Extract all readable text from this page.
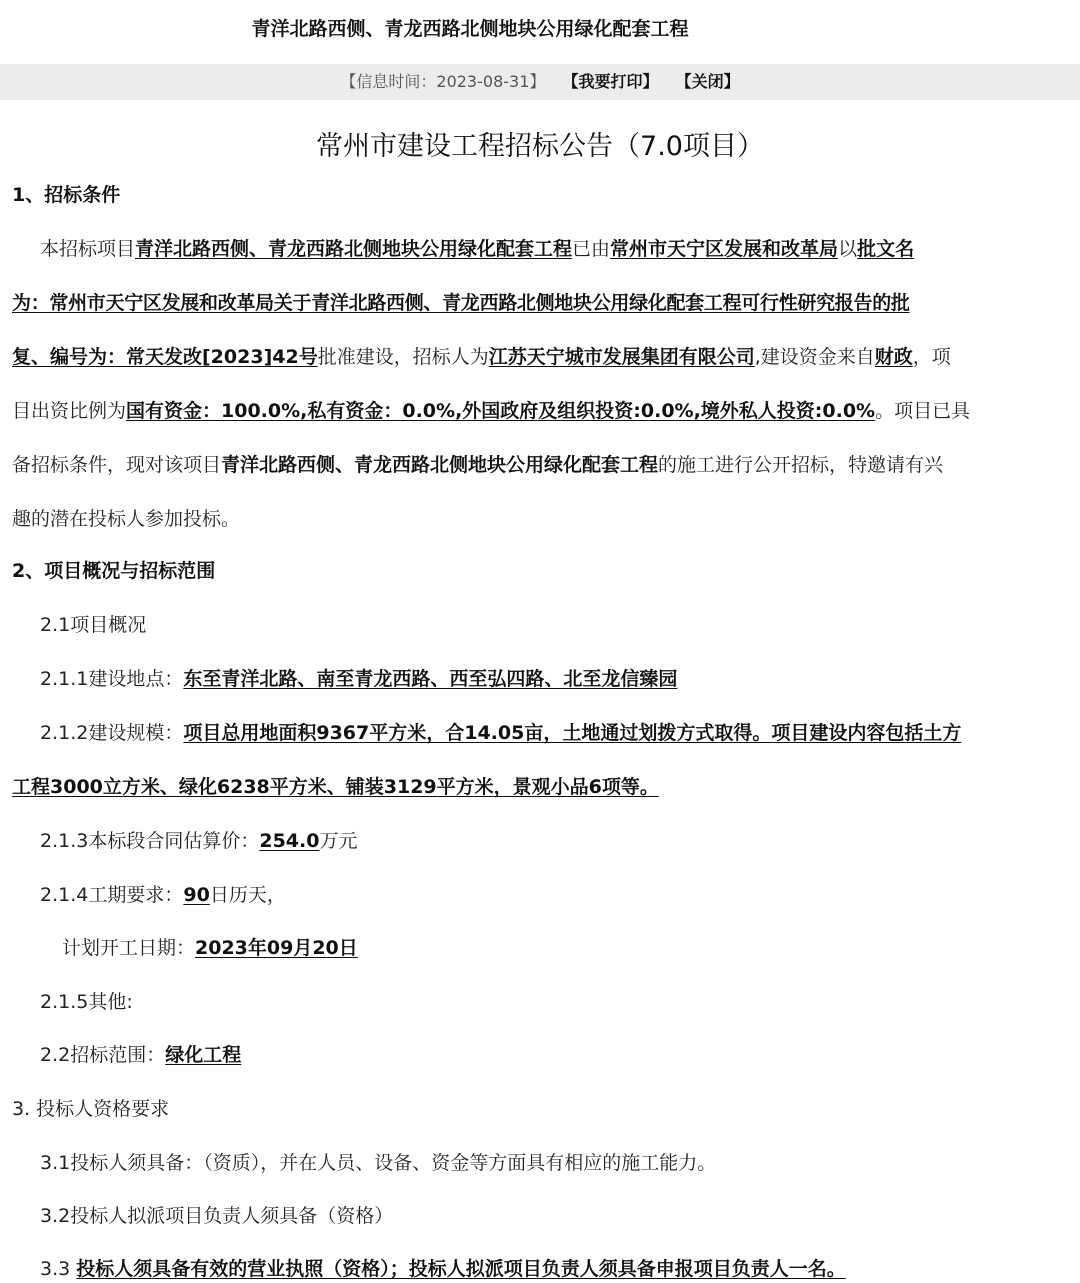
青洋北路西侧、青龙西路北侧地块公用绿化配套工程
【信息时间：2023-08-31】 【我要打印】 【关闭】
常州市建设工程招标公告（7.0项目）
1、招标条件
本招标项目青洋北路西侧、青龙西路北侧地块公用绿化配套工程已由常州市天宁区发展和改革局以批文名
为：常州市天宁区发展和改革局关于青洋北路西侧、青龙西路北侧地块公用绿化配套工程可行性研究报告的批
复、编号为：常天发改[2023]42号批准建设，招标人为江苏天宁城市发展集团有限公司,建设资金来自财政，项
目出资比例为国有资金：100.0%,私有资金：0.0%,外国政府及组织投资:0.0%,境外私人投资:0.0%。项目已具
备招标条件，现对该项目青洋北路西侧、青龙西路北侧地块公用绿化配套工程的施工进行公开招标，特邀请有兴
趣的潜在投标人参加投标。
2、项目概况与招标范围
2.1项目概况
2.1.1建设地点：东至青洋北路、南至青龙西路、西至弘四路、北至龙信臻园
2.1.2建设规模：项目总用地面积9367平方米，合14.05亩，土地通过划拨方式取得。项目建设内容包括土方
工程3000立方米、绿化6238平方米、铺装3129平方米，景观小品6项等。
2.1.3本标段合同估算价：254.0万元
2.1.4工期要求：90日历天，
计划开工日期：2023年09月20日
2.1.5其他:
2.2招标范围：绿化工程
3. 投标人资格要求
3.1投标人须具备：（资质），并在人员、设备、资金等方面具有相应的施工能力。
3.2投标人拟派项目负责人须具备（资格）
3.3 投标人须具备有效的营业执照（资格）；投标人拟派项目负责人须具备申报项目负责人一名。
